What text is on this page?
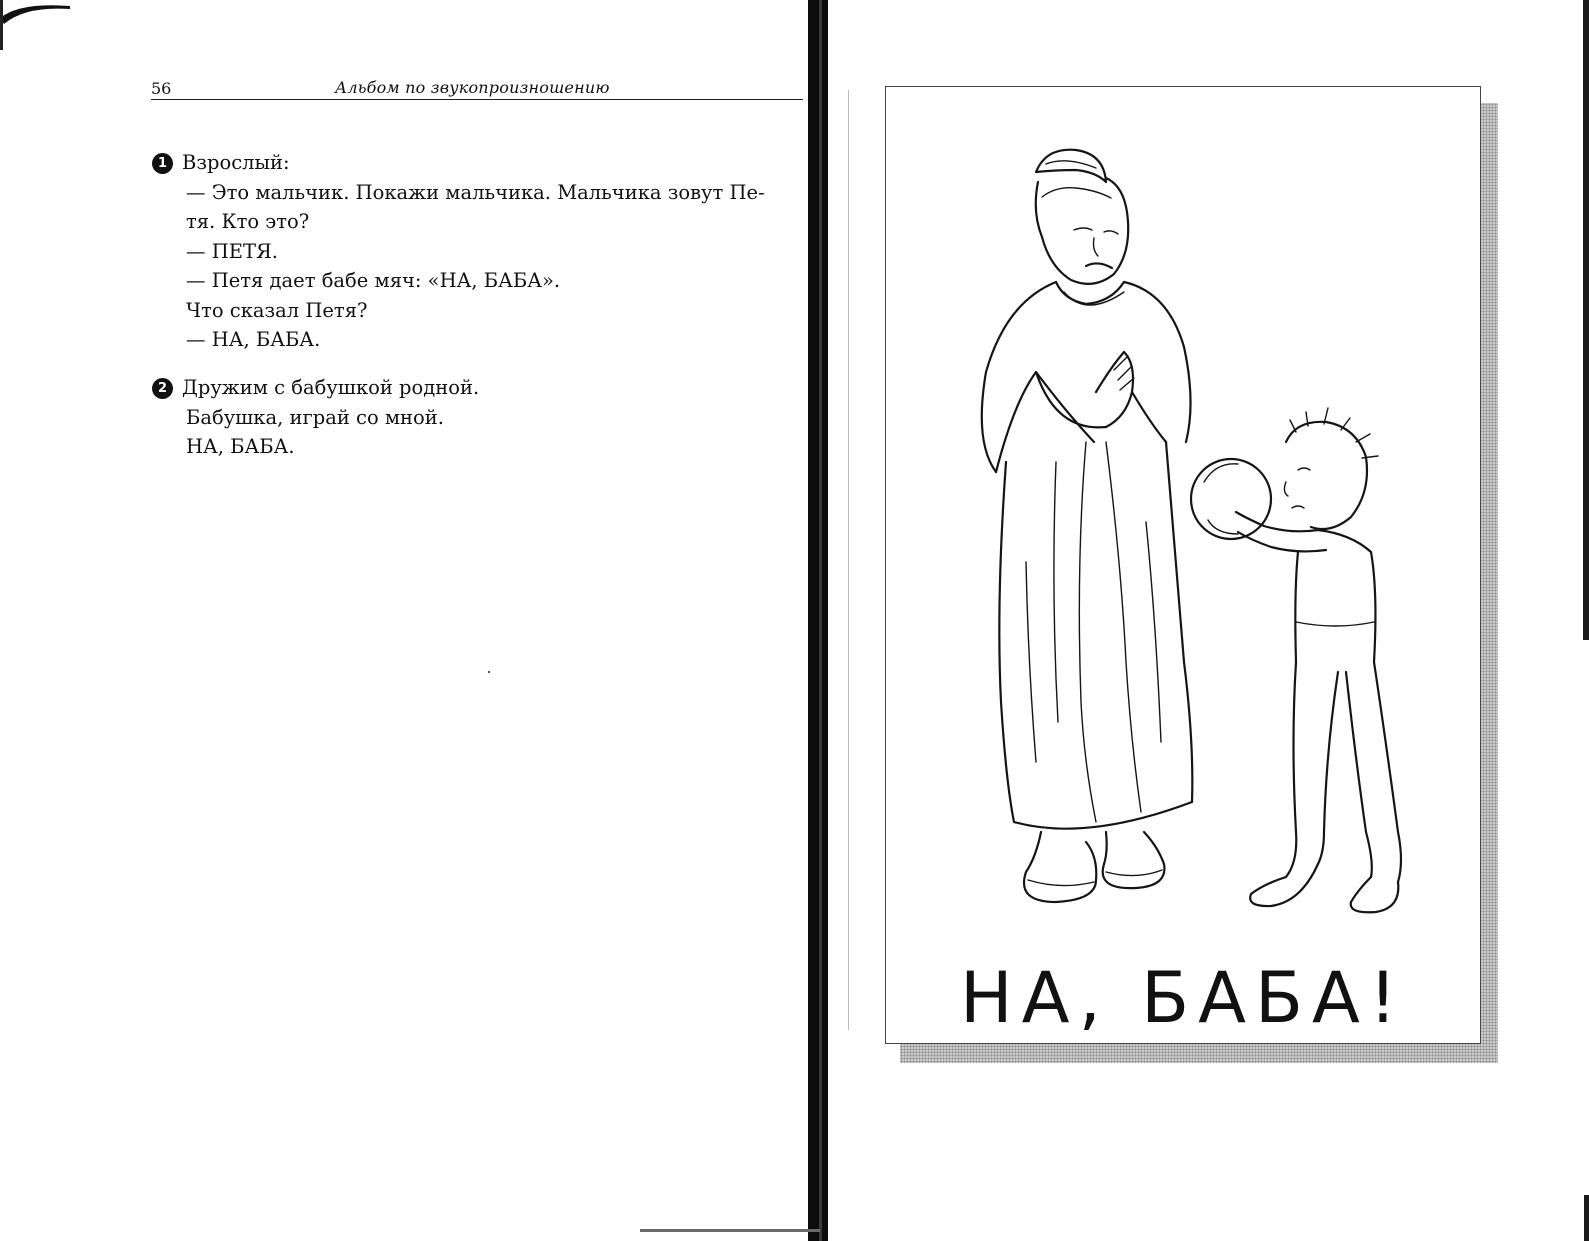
56	Альбом по звукопроизношению
1 Взрослый:
— Это мальчик. Покажи мальчика. Мальчика зовут Пе-
тя. Кто это?
— ПЕТЯ.
— Петя дает бабе мяч: «НА, БАБА».
Что сказал Петя?
— НА, БАБА.
2 Дружим с бабушкой родной.
Бабушка, играй со мной.
НА, БАБА.
НА, БАБА!
